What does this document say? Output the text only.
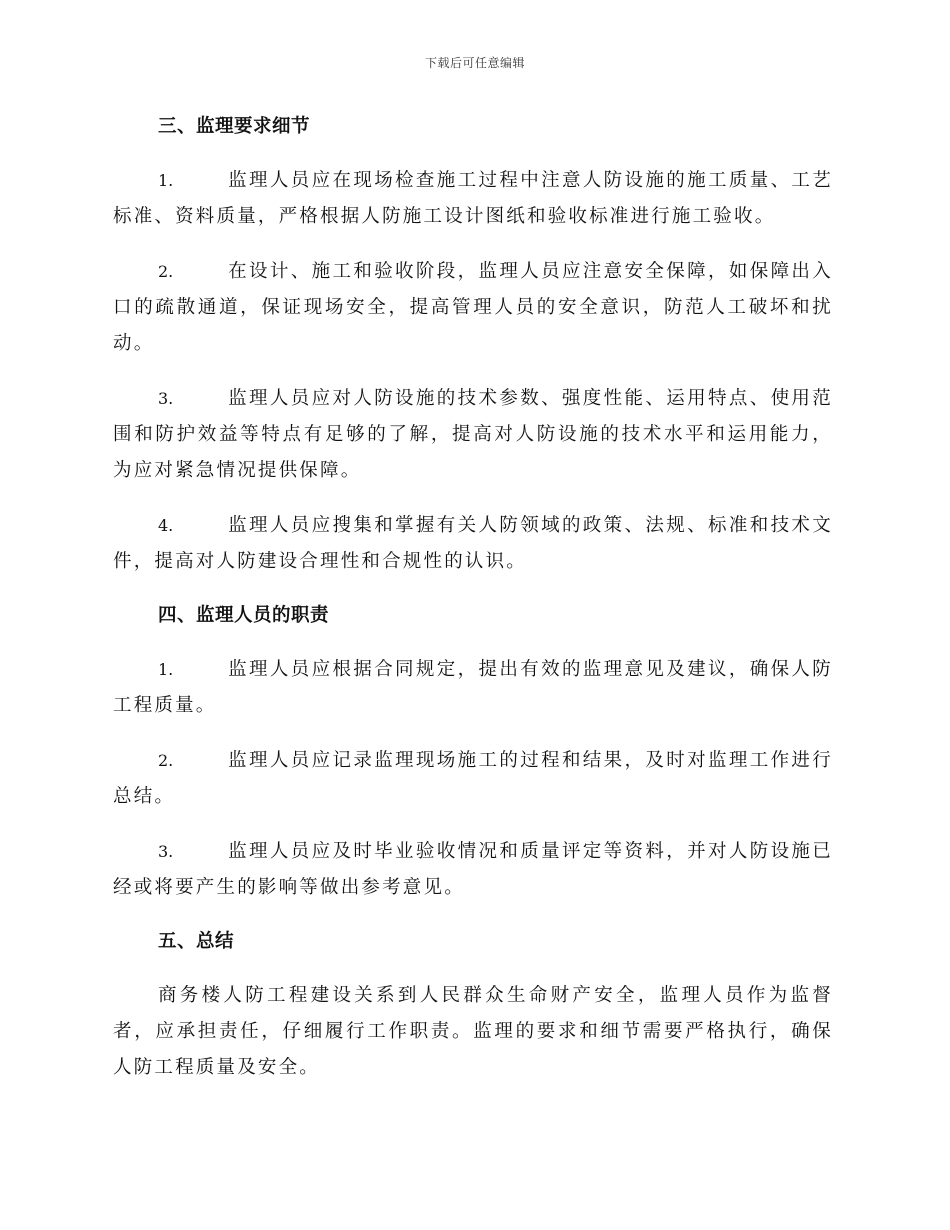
下载后可任意编辑
三、监理要求细节

1.	监理人员应在现场检查施工过程中注意人防设施的施工质量、工艺标准、资料质量，严格根据人防施工设计图纸和验收标准进行施工验收。

2.	在设计、施工和验收阶段，监理人员应注意安全保障，如保障出入口的疏散通道，保证现场安全，提高管理人员的安全意识，防范人工破坏和扰动。

3.	监理人员应对人防设施的技术参数、强度性能、运用特点、使用范围和防护效益等特点有足够的了解，提高对人防设施的技术水平和运用能力，为应对紧急情况提供保障。

4.	监理人员应搜集和掌握有关人防领域的政策、法规、标准和技术文件，提高对人防建设合理性和合规性的认识。

四、监理人员的职责

1.	监理人员应根据合同规定，提出有效的监理意见及建议，确保人防工程质量。

2.	监理人员应记录监理现场施工的过程和结果，及时对监理工作进行总结。

3.	监理人员应及时毕业验收情况和质量评定等资料，并对人防设施已经或将要产生的影响等做出参考意见。

五、总结

商务楼人防工程建设关系到人民群众生命财产安全，监理人员作为监督者，应承担责任，仔细履行工作职责。监理的要求和细节需要严格执行，确保人防工程质量及安全。
